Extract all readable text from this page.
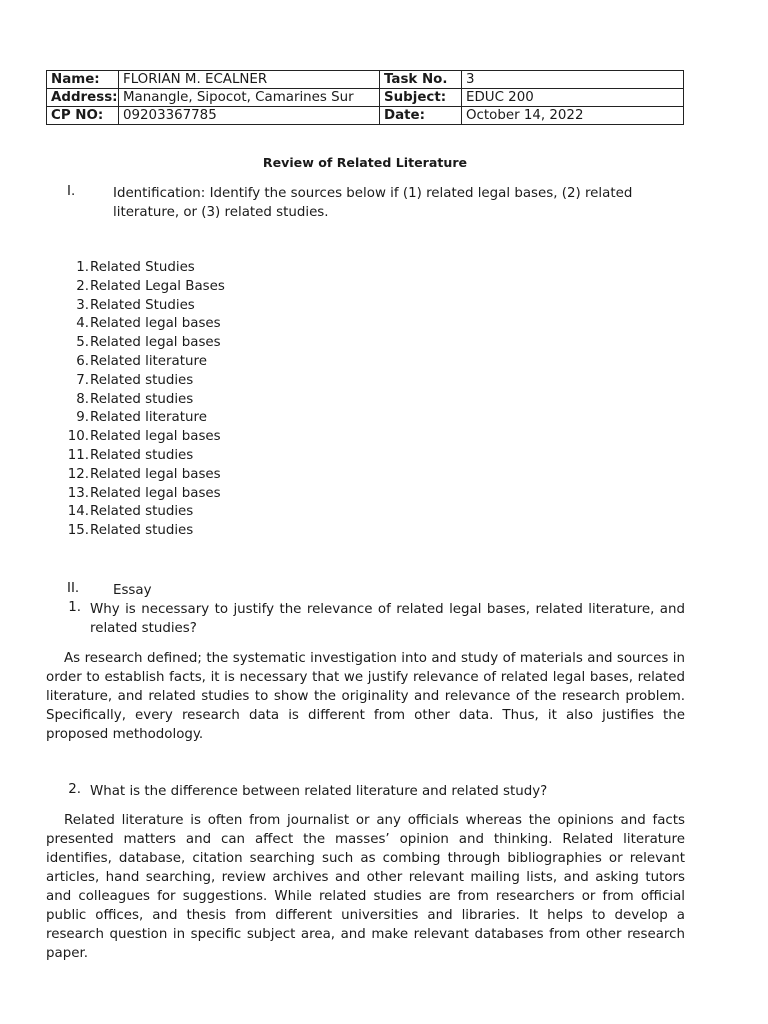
Name:	FLORIAN M. ECALNER	Task No.	3
Address:	Manangle, Sipocot, Camarines Sur	Subject:	EDUC 200
CP NO:	09203367785	Date:	October 14, 2022
Review of Related Literature
I.	Identification: Identify the sources below if (1) related legal bases, (2) related literature, or (3) related studies.
1. Related Studies
2. Related Legal Bases
3. Related Studies
4. Related legal bases
5. Related legal bases
6. Related literature
7. Related studies
8. Related studies
9. Related literature
10. Related legal bases
11. Related studies
12. Related legal bases
13. Related legal bases
14. Related studies
15. Related studies
II.	Essay
1. Why is necessary to justify the relevance of related legal bases, related literature, and related studies?
As research defined; the systematic investigation into and study of materials and sources in order to establish facts, it is necessary that we justify relevance of related legal bases, related literature, and related studies to show the originality and relevance of the research problem. Specifically, every research data is different from other data. Thus, it also justifies the proposed methodology.
2. What is the difference between related literature and related study?
Related literature is often from journalist or any officials whereas the opinions and facts presented matters and can affect the masses’ opinion and thinking. Related literature identifies, database, citation searching such as combing through bibliographies or relevant articles, hand searching, review archives and other relevant mailing lists, and asking tutors and colleagues for suggestions. While related studies are from researchers or from official public offices, and thesis from different universities and libraries. It helps to develop a research question in specific subject area, and make relevant databases from other research paper.
